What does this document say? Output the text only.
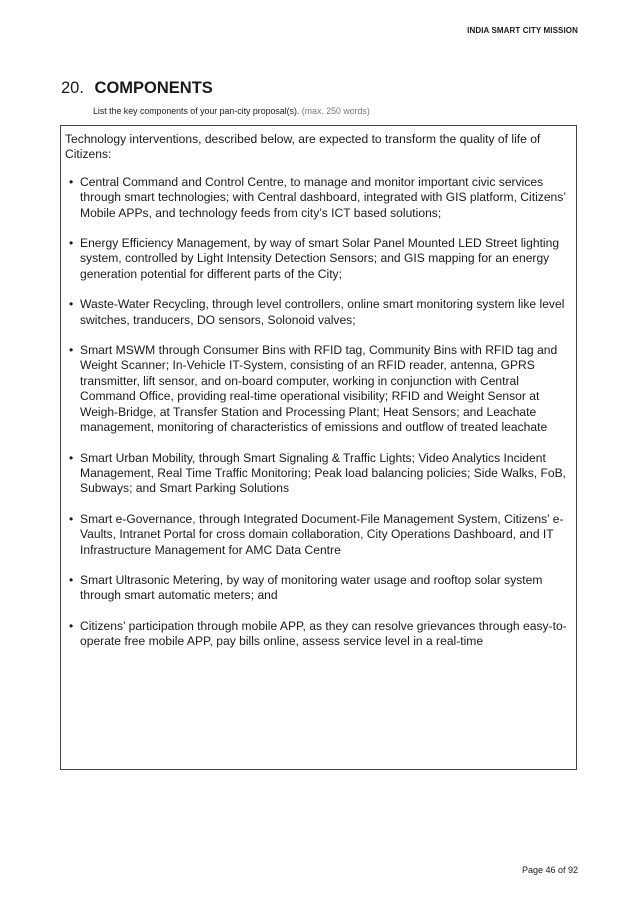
INDIA SMART CITY MISSION
20. COMPONENTS
List the key components of your pan-city proposal(s). (max. 250 words)

Technology interventions, described below, are expected to transform the quality of life of Citizens:

• Central Command and Control Centre, to manage and monitor important civic services through smart technologies; with Central dashboard, integrated with GIS platform, Citizens’ Mobile APPs, and technology feeds from city’s ICT based solutions;
• Energy Efficiency Management, by way of smart Solar Panel Mounted LED Street lighting system, controlled by Light Intensity Detection Sensors; and GIS mapping for an energy generation potential for different parts of the City;
• Waste-Water Recycling, through level controllers, online smart monitoring system like level switches, tranducers, DO sensors, Solonoid valves;
• Smart MSWM through Consumer Bins with RFID tag, Community Bins with RFID tag and Weight Scanner; In-Vehicle IT-System, consisting of an RFID reader, antenna, GPRS transmitter, lift sensor, and on-board computer, working in conjunction with Central Command Office, providing real-time operational visibility; RFID and Weight Sensor at Weigh-Bridge, at Transfer Station and Processing Plant; Heat Sensors; and Leachate management, monitoring of characteristics of emissions and outflow of treated leachate
• Smart Urban Mobility, through Smart Signaling & Traffic Lights; Video Analytics Incident Management, Real Time Traffic Monitoring; Peak load balancing policies; Side Walks, FoB, Subways; and Smart Parking Solutions
• Smart e-Governance, through Integrated Document-File Management System, Citizens’ e-Vaults, Intranet Portal for cross domain collaboration, City Operations Dashboard, and IT Infrastructure Management for AMC Data Centre
• Smart Ultrasonic Metering, by way of monitoring water usage and rooftop solar system through smart automatic meters; and
• Citizens’ participation through mobile APP, as they can resolve grievances through easy-to-operate free mobile APP, pay bills online, assess service level in a real-time
Page 46 of 92
